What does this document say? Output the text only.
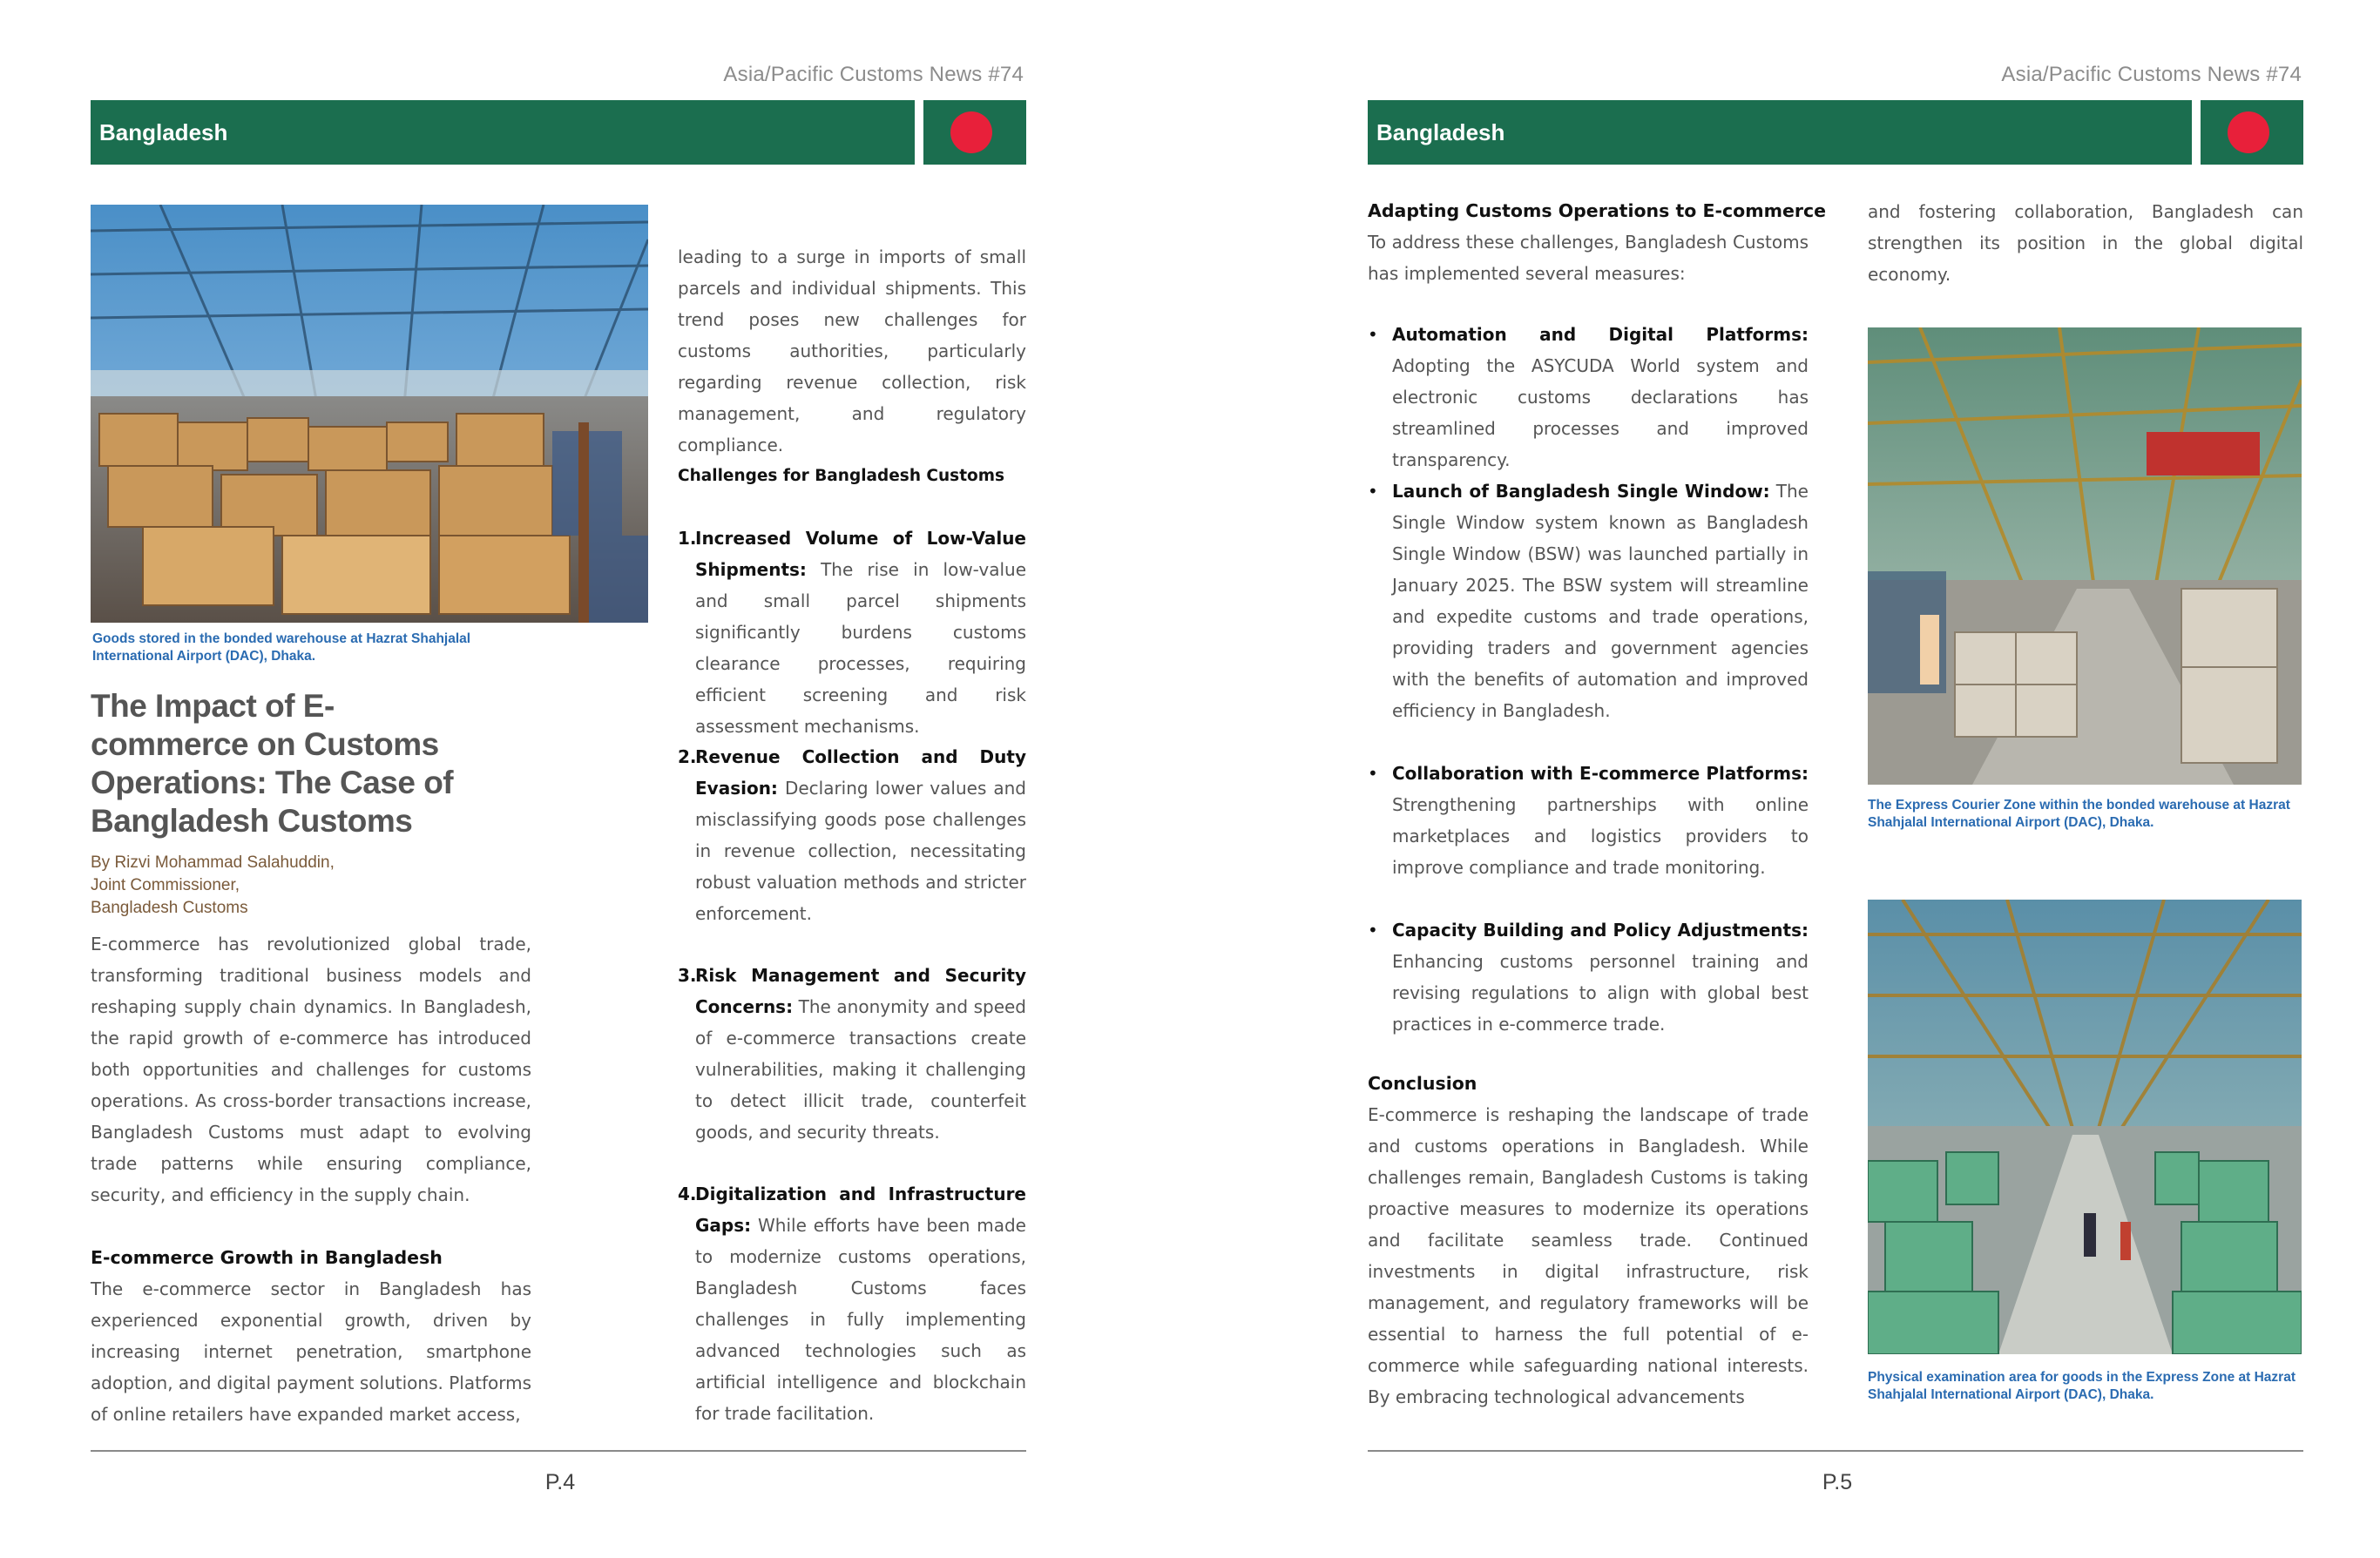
Asia/Pacific Customs News #74
Bangladesh
Goods stored in the bonded warehouse at Hazrat Shahjalal International Airport (DAC), Dhaka.
The Impact of E-commerce on Customs Operations: The Case of Bangladesh Customs
By Rizvi Mohammad Salahuddin,
Joint Commissioner,
Bangladesh Customs

E-commerce has revolutionized global trade, transforming traditional business models and reshaping supply chain dynamics. In Bangladesh, the rapid growth of e-commerce has introduced both opportunities and challenges for customs operations. As cross-border transactions increase, Bangladesh Customs must adapt to evolving trade patterns while ensuring compliance, security, and efficiency in the supply chain.

E-commerce Growth in Bangladesh

The e-commerce sector in Bangladesh has experienced exponential growth, driven by increasing internet penetration, smartphone adoption, and digital payment solutions. Platforms of online retailers have expanded market access,

leading to a surge in imports of small parcels and individual shipments. This trend poses new challenges for customs authorities, particularly regarding revenue collection, risk management, and regulatory compliance.

Challenges for Bangladesh Customs
1.
Increased Volume of Low-Value Shipments: The rise in low-value and small parcel shipments significantly burdens customs clearance processes, requiring efficient screening and risk assessment mechanisms.
2.
Revenue Collection and Duty Evasion: Declaring lower values and misclassifying goods pose challenges in revenue collection, necessitating robust valuation methods and stricter enforcement.
3.
Risk Management and Security Concerns: The anonymity and speed of e-commerce transactions create vulnerabilities, making it challenging to detect illicit trade, counterfeit goods, and security threats.
4.
Digitalization and Infrastructure Gaps: While efforts have been made to modernize customs operations, Bangladesh Customs faces challenges in fully implementing advanced technologies such as artificial intelligence and blockchain for trade facilitation.
P.4
Asia/Pacific Customs News #74
Bangladesh
Adapting Customs Operations to E-commerce

To address these challenges, Bangladesh Customs has implemented several measures:

• Automation and Digital Platforms: Adopting the ASYCUDA World system and electronic customs declarations has streamlined processes and improved transparency.
• Launch of Bangladesh Single Window: The Single Window system known as Bangladesh Single Window (BSW) was launched partially in January 2025. The BSW system will streamline and expedite customs and trade operations, providing traders and government agencies with the benefits of automation and improved efficiency in Bangladesh.
• Collaboration with E-commerce Platforms: Strengthening partnerships with online marketplaces and logistics providers to improve compliance and trade monitoring.
• Capacity Building and Policy Adjustments: Enhancing customs personnel training and revising regulations to align with global best practices in e-commerce trade.
Conclusion

E-commerce is reshaping the landscape of trade and customs operations in Bangladesh. While challenges remain, Bangladesh Customs is taking proactive measures to modernize its operations and facilitate seamless trade. Continued investments in digital infrastructure, risk management, and regulatory frameworks will be essential to harness the full potential of e-commerce while safeguarding national interests. By embracing technological advancements

and fostering collaboration, Bangladesh can strengthen its position in the global digital economy.

The Express Courier Zone within the bonded warehouse at Hazrat Shahjalal International Airport (DAC), Dhaka.
Physical examination area for goods in the Express Zone at Hazrat Shahjalal International Airport (DAC), Dhaka.
P.5
